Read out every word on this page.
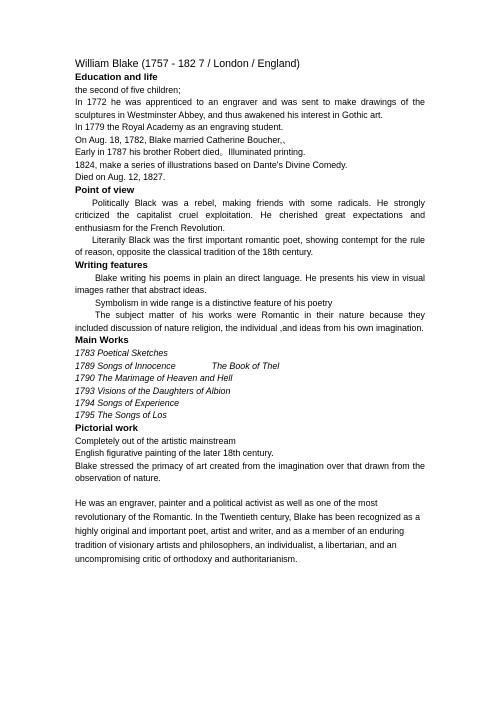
William Blake (1757 - 182 7 / London / England)

Education and life

the second of five children;

In 1772 he was apprenticed to an engraver and was sent to make drawings of the sculptures in Westminster Abbey, and thus awakened his interest in Gothic art.

In 1779 the Royal Academy as an engraving student.

On Aug. 18, 1782, Blake married Catherine Boucher,、

Early in 1787 his brother Robert died。Illuminated printing.

1824, make a series of illustrations based on Dante's Divine Comedy.

Died on Aug. 12, 1827.

Point of view

Politically Black was a rebel, making friends with some radicals. He strongly criticized the capitalist cruel exploitation. He cherished great expectations and enthusiasm for the French Revolution.

Literarily Black was the first important romantic poet, showing contempt for the rule of reason, opposite the classical tradition of the 18th century.

Writing features

Blake writing his poems in plain an direct language. He presents his view in visual images rather that abstract ideas.

Symbolism in wide range is a distinctive feature of his poetry

The subject matter of his works were Romantic in their nature because they included discussion of nature religion, the individual ,and ideas from his own imagination.

Main Works

1783 Poetical Sketches

1789 Songs of Innocence	The Book of Thel

1790 The Marimage of Heaven and Hell

1793 Visions of the Daughters of Albion

1794 Songs of Experience

1795 The Songs of Los

Pictorial work

Completely out of the artistic mainstream

English figurative painting of the later 18th century.

Blake stressed the primacy of art created from the imagination over that drawn from the observation of nature.

He was an engraver, painter and a political activist as well as one of the most revolutionary of the Romantic. In the Twentieth century, Blake has been recognized as a highly original and important poet, artist and writer, and as a member of an enduring tradition of visionary artists and philosophers, an individualist, a libertarian, and an uncompromising critic of orthodoxy and authoritarianism.
